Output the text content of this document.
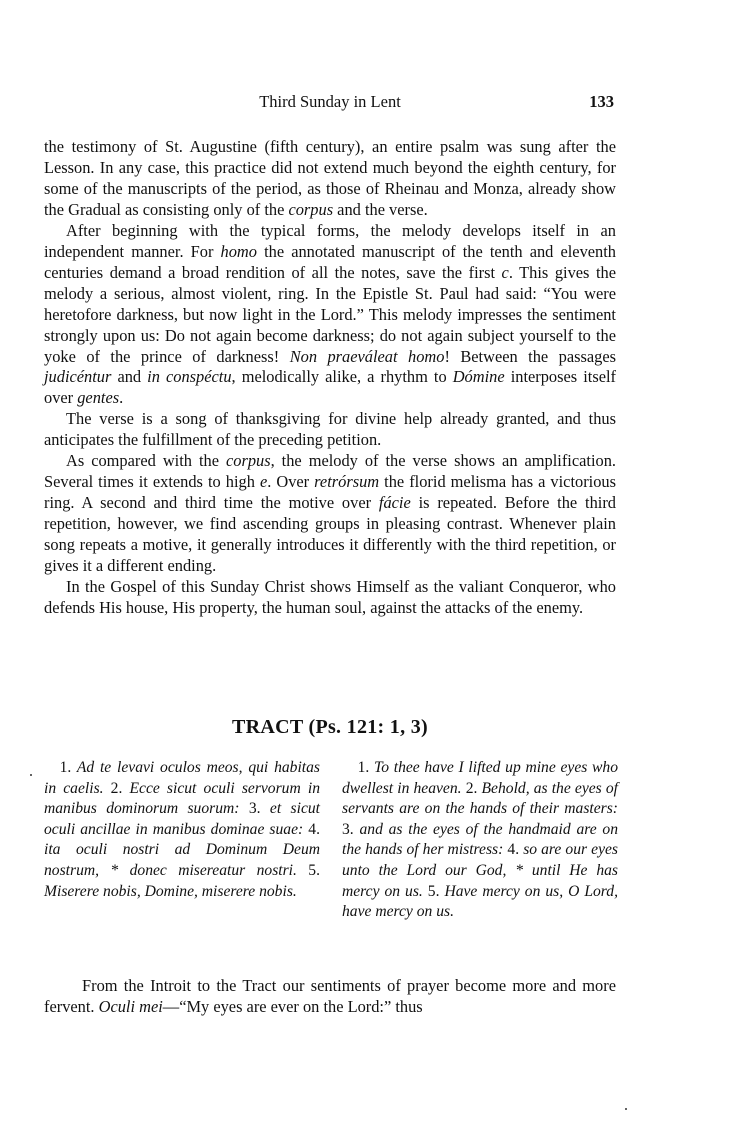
Third Sunday in Lent	133

the testimony of St. Augustine (fifth century), an entire psalm was sung after the Lesson. In any case, this practice did not extend much beyond the eighth century, for some of the manuscripts of the period, as those of Rheinau and Monza, already show the Gradual as consisting only of the corpus and the verse.

After beginning with the typical forms, the melody develops itself in an independent manner. For homo the annotated manuscript of the tenth and eleventh centuries demand a broad rendition of all the notes, save the first c. This gives the melody a serious, almost violent, ring. In the Epistle St. Paul had said: “You were heretofore darkness, but now light in the Lord.” This melody impresses the sentiment strongly upon us: Do not again become darkness; do not again subject yourself to the yoke of the prince of darkness! Non praeváleat homo! Between the passages judicéntur and in conspéctu, melodically alike, a rhythm to Dómine interposes itself over gentes.

The verse is a song of thanksgiving for divine help already granted, and thus anticipates the fulfillment of the preceding petition.

As compared with the corpus, the melody of the verse shows an amplification. Several times it extends to high e. Over retrórsum the florid melisma has a victorious ring. A second and third time the motive over fácie is repeated. Before the third repetition, however, we find ascending groups in pleasing contrast. Whenever plain song repeats a motive, it generally introduces it differently with the third repetition, or gives it a different ending.

In the Gospel of this Sunday Christ shows Himself as the valiant Conqueror, who defends His house, His property, the human soul, against the attacks of the enemy.

TRACT (Ps. 121: 1, 3)
 1. Ad te levavi oculos meos, qui habitas in caelis. 2. Ecce sicut oculi servorum in manibus dominorum suorum: 3. et sicut oculi ancillae in manibus dominae suae: 4. ita oculi nostri ad Dominum Deum nostrum, * donec misereatur nostri. 5. Miserere nobis, Domine, miserere nobis.
 1. To thee have I lifted up mine eyes who dwellest in heaven. 2. Behold, as the eyes of servants are on the hands of their masters: 3. and as the eyes of the handmaid are on the hands of her mistress: 4. so are our eyes unto the Lord our God, * until He has mercy on us. 5. Have mercy on us, O Lord, have mercy on us.

From the Introit to the Tract our sentiments of prayer become more and more fervent. Oculi mei—“My eyes are ever on the Lord:” thus
